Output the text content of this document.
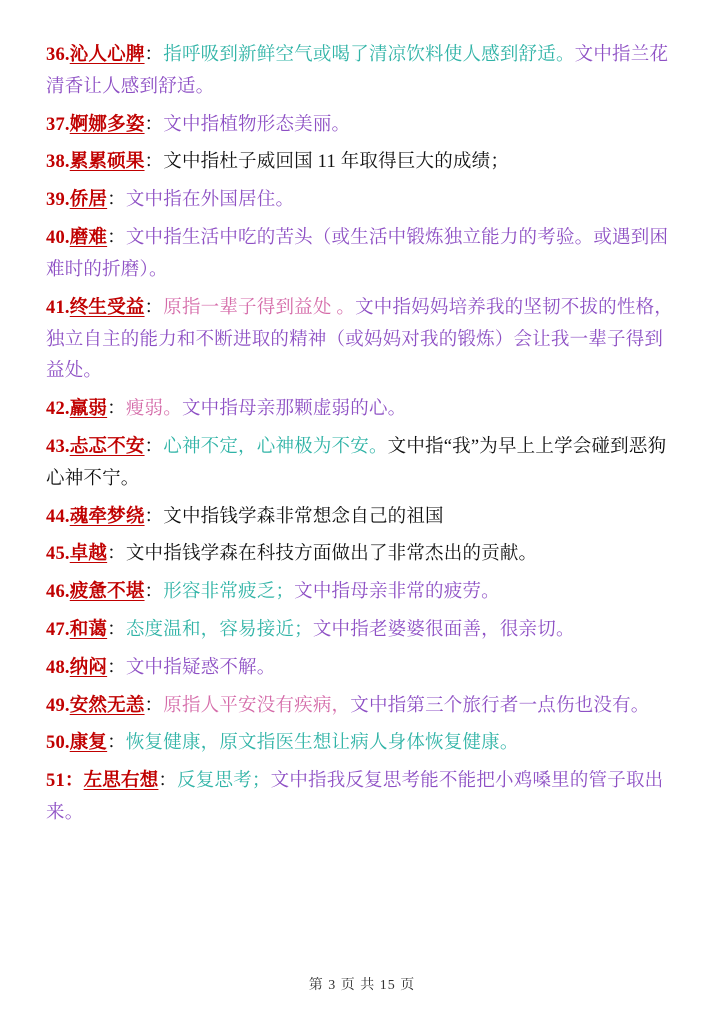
36.沁人心脾：指呼吸到新鲜空气或喝了清凉饮料使人感到舒适。文中指兰花清香让人感到舒适。

37.婀娜多姿：文中指植物形态美丽。

38.累累硕果：文中指杜子威回国 11 年取得巨大的成绩；

39.侨居：文中指在外国居住。

40.磨难：文中指生活中吃的苦头（或生活中锻炼独立能力的考验。或遇到困难时的折磨）。

41.终生受益：原指一辈子得到益处 。文中指妈妈培养我的坚韧不拔的性格，独立自主的能力和不断进取的精神（或妈妈对我的锻炼）会让我一辈子得到益处。

42.羸弱：瘦弱。文中指母亲那颗虚弱的心。

43.忐忑不安：心神不定，心神极为不安。文中指“我”为早上上学会碰到恶狗心神不宁。

44.魂牵梦绕：文中指钱学森非常想念自己的祖国

45.卓越：文中指钱学森在科技方面做出了非常杰出的贡献。

46.疲惫不堪：形容非常疲乏；文中指母亲非常的疲劳。

47.和蔼：态度温和，容易接近；文中指老婆婆很面善，很亲切。

48.纳闷：文中指疑惑不解。

49.安然无恙：原指人平安没有疾病，文中指第三个旅行者一点伤也没有。

50.康复：恢复健康，原文指医生想让病人身体恢复健康。

51：左思右想：反复思考；文中指我反复思考能不能把小鸡嗓里的管子取出来。

第 3 页 共 15 页
